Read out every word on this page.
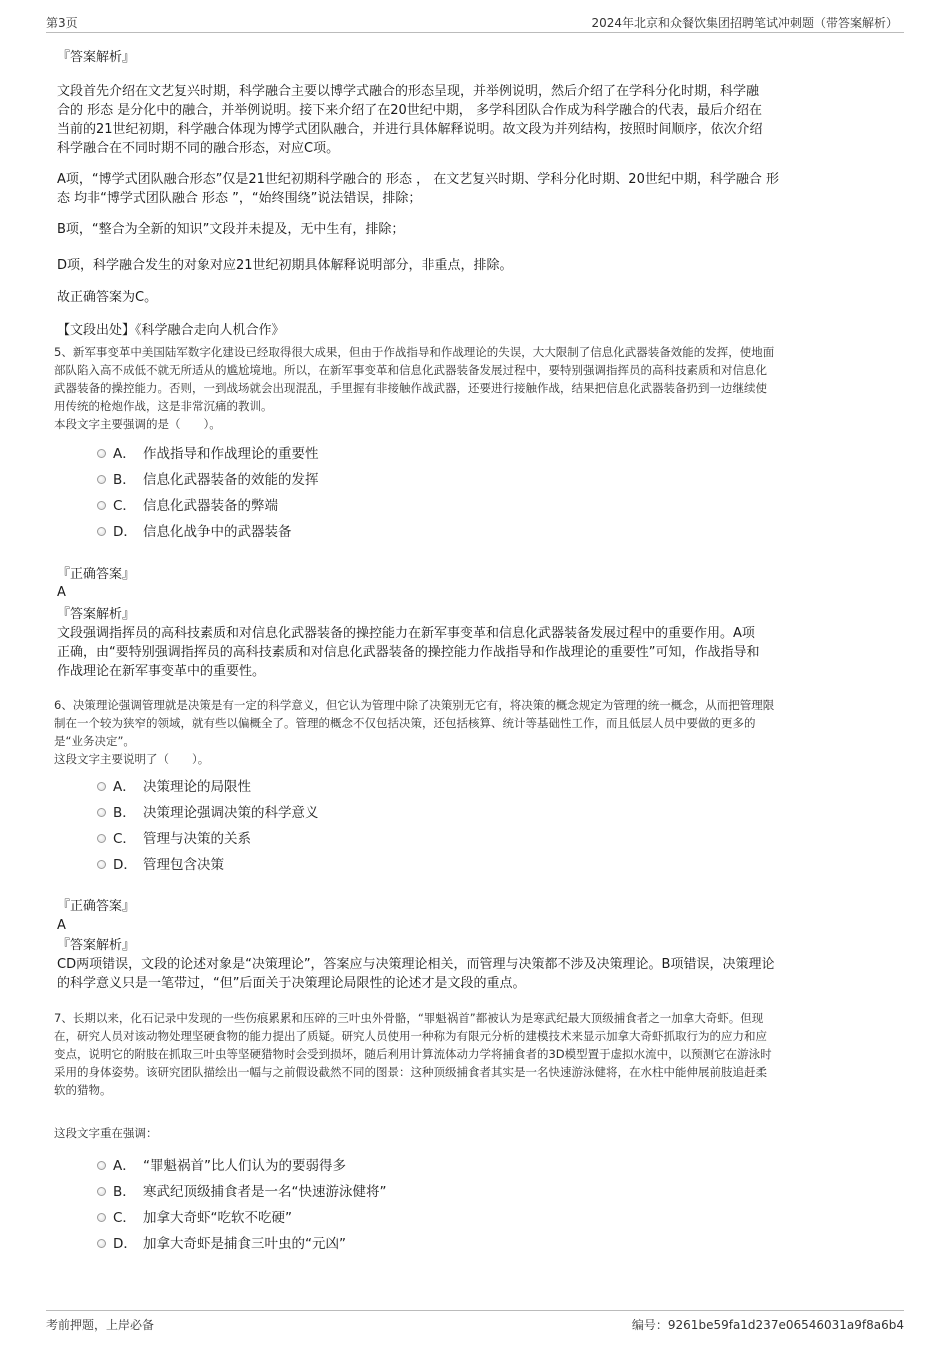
第3页	2024年北京和众餐饮集团招聘笔试冲刺题（带答案解析）
『答案解析』
文段首先介绍在文艺复兴时期，科学融合主要以博学式融合的形态呈现，并举例说明，然后介绍了在学科分化时期，科学融
合的 形态 是分化中的融合，并举例说明。接下来介绍了在20世纪中期， 多学科团队合作成为科学融合的代表，最后介绍在
当前的21世纪初期，科学融合体现为博学式团队融合，并进行具体解释说明。故文段为并列结构，按照时间顺序，依次介绍
科学融合在不同时期不同的融合形态，对应C项。
A项，“博学式团队融合形态”仅是21世纪初期科学融合的 形态 ， 在文艺复兴时期、学科分化时期、20世纪中期，科学融合 形
态 均非“博学式团队融合 形态 ”，“始终围绕”说法错误，排除；
B项，“整合为全新的知识”文段并未提及，无中生有，排除；
D项，科学融合发生的对象对应21世纪初期具体解释说明部分，非重点，排除。
故正确答案为C。
【文段出处】《科学融合走向人机合作》
5、新军事变革中美国陆军数字化建设已经取得很大成果，但由于作战指导和作战理论的失误，大大限制了信息化武器装备效能的发挥，使地面
部队陷入高不成低不就无所适从的尴尬境地。所以，在新军事变革和信息化武器装备发展过程中，要特别强调指挥员的高科技素质和对信息化
武器装备的操控能力。否则，一到战场就会出现混乱，手里握有非接触作战武器，还要进行接触作战，结果把信息化武器装备扔到一边继续使
用传统的枪炮作战，这是非常沉痛的教训。
本段文字主要强调的是（　　）。
A． 作战指导和作战理论的重要性
B． 信息化武器装备的效能的发挥
C． 信息化武器装备的弊端
D． 信息化战争中的武器装备
『正确答案』
A
『答案解析』
文段强调指挥员的高科技素质和对信息化武器装备的操控能力在新军事变革和信息化武器装备发展过程中的重要作用。A项
正确，由“要特别强调指挥员的高科技素质和对信息化武器装备的操控能力作战指导和作战理论的重要性”可知，作战指导和
作战理论在新军事变革中的重要性。
6、决策理论强调管理就是决策是有一定的科学意义，但它认为管理中除了决策别无它有，将决策的概念规定为管理的统一概念，从而把管理限
制在一个较为狭窄的领域，就有些以偏概全了。管理的概念不仅包括决策，还包括核算、统计等基础性工作，而且低层人员中要做的更多的
是“业务决定”。
这段文字主要说明了（　　）。
A． 决策理论的局限性
B． 决策理论强调决策的科学意义
C． 管理与决策的关系
D． 管理包含决策
『正确答案』
A
『答案解析』
CD两项错误，文段的论述对象是“决策理论”，答案应与决策理论相关，而管理与决策都不涉及决策理论。B项错误，决策理论
的科学意义只是一笔带过，“但”后面关于决策理论局限性的论述才是文段的重点。
7、长期以来，化石记录中发现的一些伤痕累累和压碎的三叶虫外骨骼，“罪魁祸首”都被认为是寒武纪最大顶级捕食者之一加拿大奇虾。但现
在，研究人员对该动物处理坚硬食物的能力提出了质疑。研究人员使用一种称为有限元分析的建模技术来显示加拿大奇虾抓取行为的应力和应
变点，说明它的附肢在抓取三叶虫等坚硬猎物时会受到损坏，随后利用计算流体动力学将捕食者的3D模型置于虚拟水流中，以预测它在游泳时
采用的身体姿势。该研究团队描绘出一幅与之前假设截然不同的图景：这种顶级捕食者其实是一名快速游泳健将，在水柱中能伸展前肢追赶柔
软的猎物。
这段文字重在强调：
A． “罪魁祸首”比人们认为的要弱得多
B． 寒武纪顶级捕食者是一名“快速游泳健将”
C． 加拿大奇虾“吃软不吃硬”
D． 加拿大奇虾是捕食三叶虫的“元凶”
考前押题，上岸必备	编号：9261be59fa1d237e06546031a9f8a6b4
